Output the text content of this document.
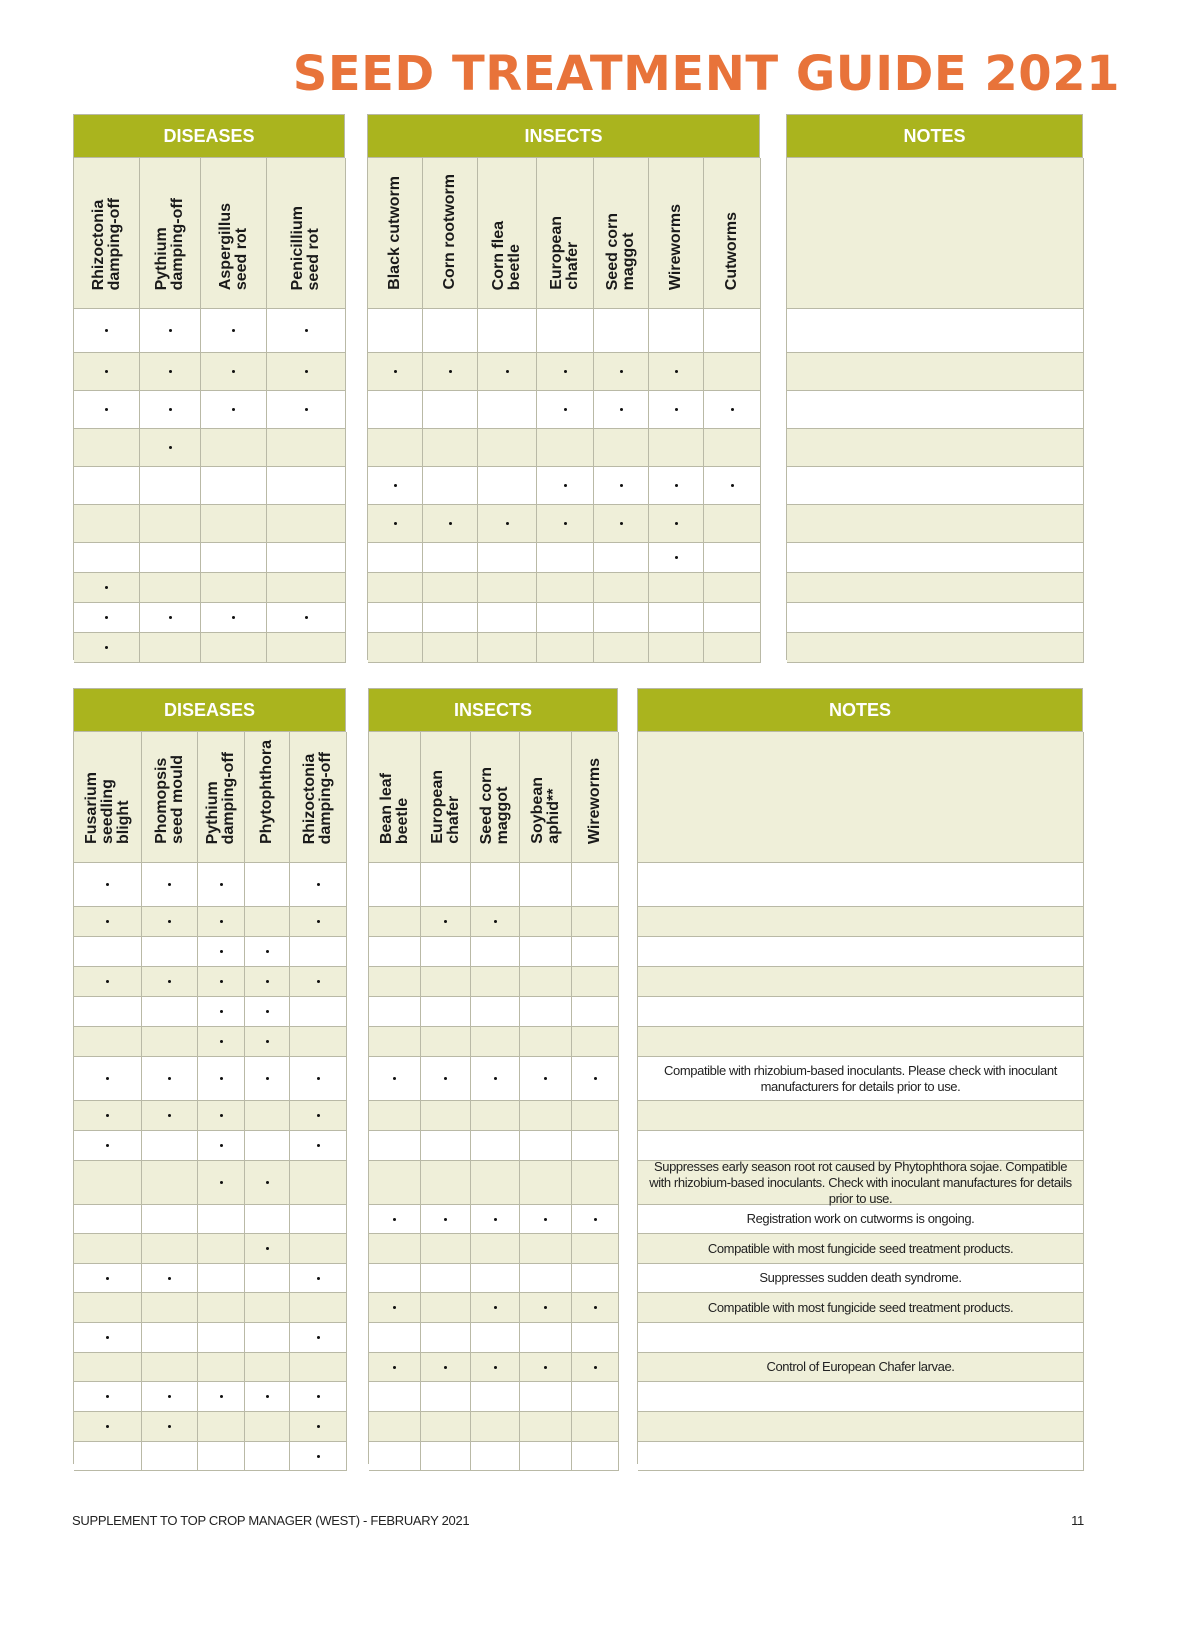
SEED TREATMENT GUIDE 2021
DISEASES
Rhizoctonia
damping-off Pythium
damping-off Aspergillus
seed rot Penicillium
seed rot
INSECTS
Black cutworm Corn rootworm Corn flea
beetle European
chafer Seed corn
maggot Wireworms Cutworms
NOTES
DISEASES
Fusarium
seedling
blight Phomopsis
seed mould
Pythium
damping-off Phytophthora Rhizoctonia
damping-off
INSECTS
Bean leaf
beetle European
chafer Seed corn
maggot Soybean
aphid** Wireworms
NOTES
Compatible with rhizobium-based inoculants. Please check with inoculant manufacturers for details prior to use.
Suppresses early season root rot caused by Phytophthora sojae. Compatible with rhizobium-based inoculants. Check with inoculant manufactures for details prior to use.
Registration work on cutworms is ongoing.
Compatible with most fungicide seed treatment products.
Suppresses sudden death syndrome.
Compatible with most fungicide seed treatment products.
Control of European Chafer larvae.
SUPPLEMENT TO TOP CROP MANAGER (WEST) - FEBRUARY 2021	11
